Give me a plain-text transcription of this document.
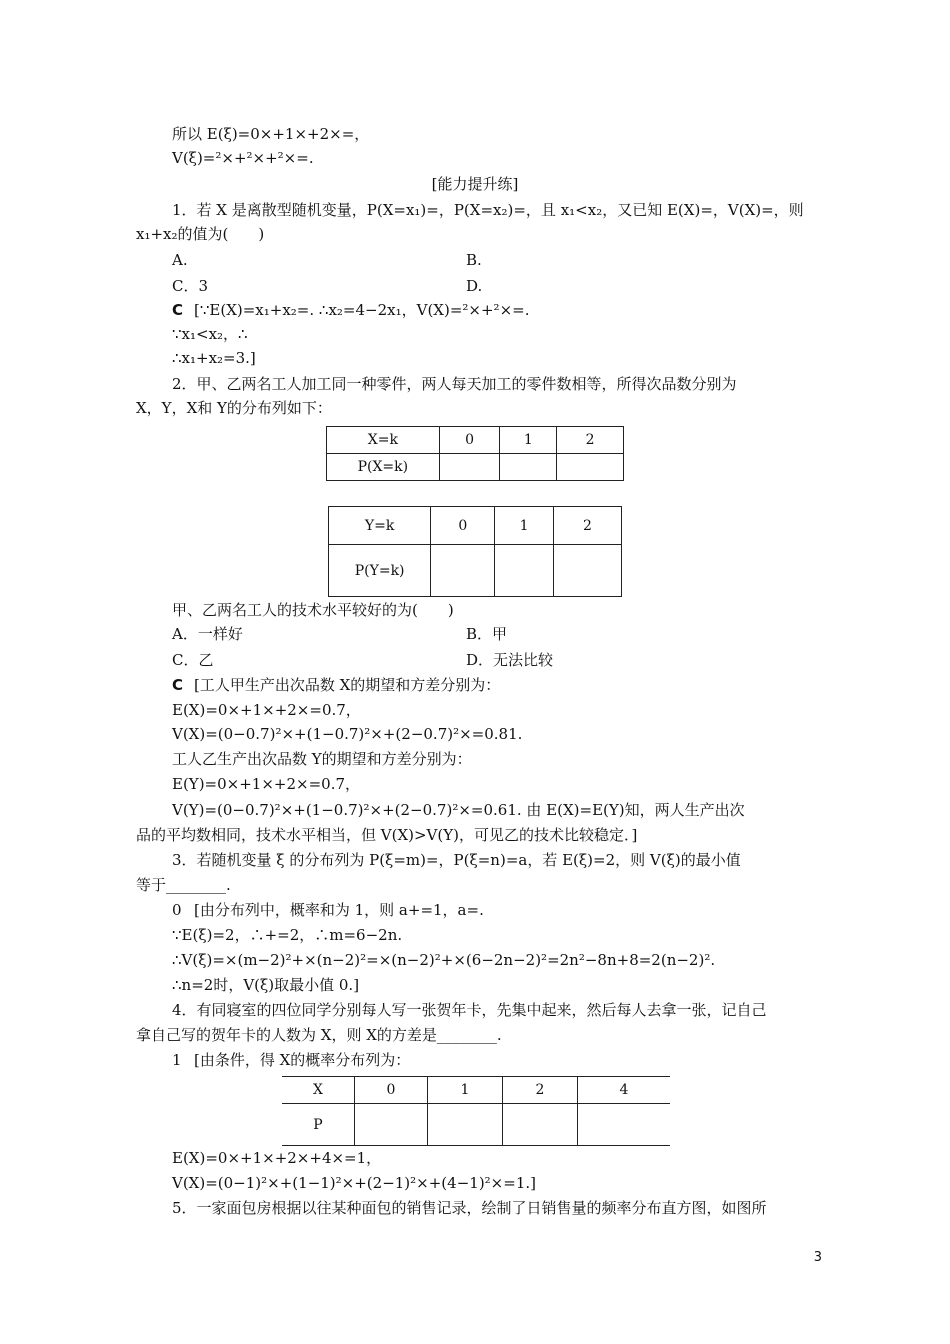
所以 E(ξ)=0×+1×+2×=，
V(ξ)=²×+²×+²×=.
[能力提升练]
1．若 X 是离散型随机变量，P(X=x₁)=，P(X=x₂)=，且 x₁<x₂，又已知 E(X)=，V(X)=，则
x₁+x₂的值为(　　)
A.	B.
C．3	D.
C [∵E(X)=x₁+x₂=. ∴x₂=4−2x₁，V(X)=²×+²×=.
∵x₁<x₂，∴
∴x₁+x₂=3.]
2．甲、乙两名工人加工同一种零件，两人每天加工的零件数相等，所得次品数分别为
X，Y，X和 Y的分布列如下：
X=k	0	1	2
P(X=k)			
Y=k	0	1	2
P(Y=k)			
甲、乙两名工人的技术水平较好的为(　　)
A．一样好	B．甲
C．乙	D．无法比较
C [工人甲生产出次品数 X的期望和方差分别为：
E(X)=0×+1×+2×=0.7，
V(X)=(0−0.7)²×+(1−0.7)²×+(2−0.7)²×=0.81.
工人乙生产出次品数 Y的期望和方差分别为：
E(Y)=0×+1×+2×=0.7，
V(Y)=(0−0.7)²×+(1−0.7)²×+(2−0.7)²×=0.61. 由 E(X)=E(Y)知，两人生产出次
品的平均数相同，技术水平相当，但 V(X)>V(Y)，可见乙的技术比较稳定．]
3．若随机变量 ξ 的分布列为 P(ξ=m)=，P(ξ=n)=a，若 E(ξ)=2，则 V(ξ)的最小值
等于________.
0 [由分布列中，概率和为 1，则 a+=1，a=.
∵E(ξ)=2，∴+=2，∴m=6−2n.
∴V(ξ)=×(m−2)²+×(n−2)²=×(n−2)²+×(6−2n−2)²=2n²−8n+8=2(n−2)².
∴n=2时，V(ξ)取最小值 0.]
4．有同寝室的四位同学分别每人写一张贺年卡，先集中起来，然后每人去拿一张，记自己
拿自己写的贺年卡的人数为 X，则 X的方差是________.
1 [由条件，得 X的概率分布列为：
X	0	1	2	4
P				
E(X)=0×+1×+2×+4×=1，
V(X)=(0−1)²×+(1−1)²×+(2−1)²×+(4−1)²×=1.]
5．一家面包房根据以往某种面包的销售记录，绘制了日销售量的频率分布直方图，如图所
3
